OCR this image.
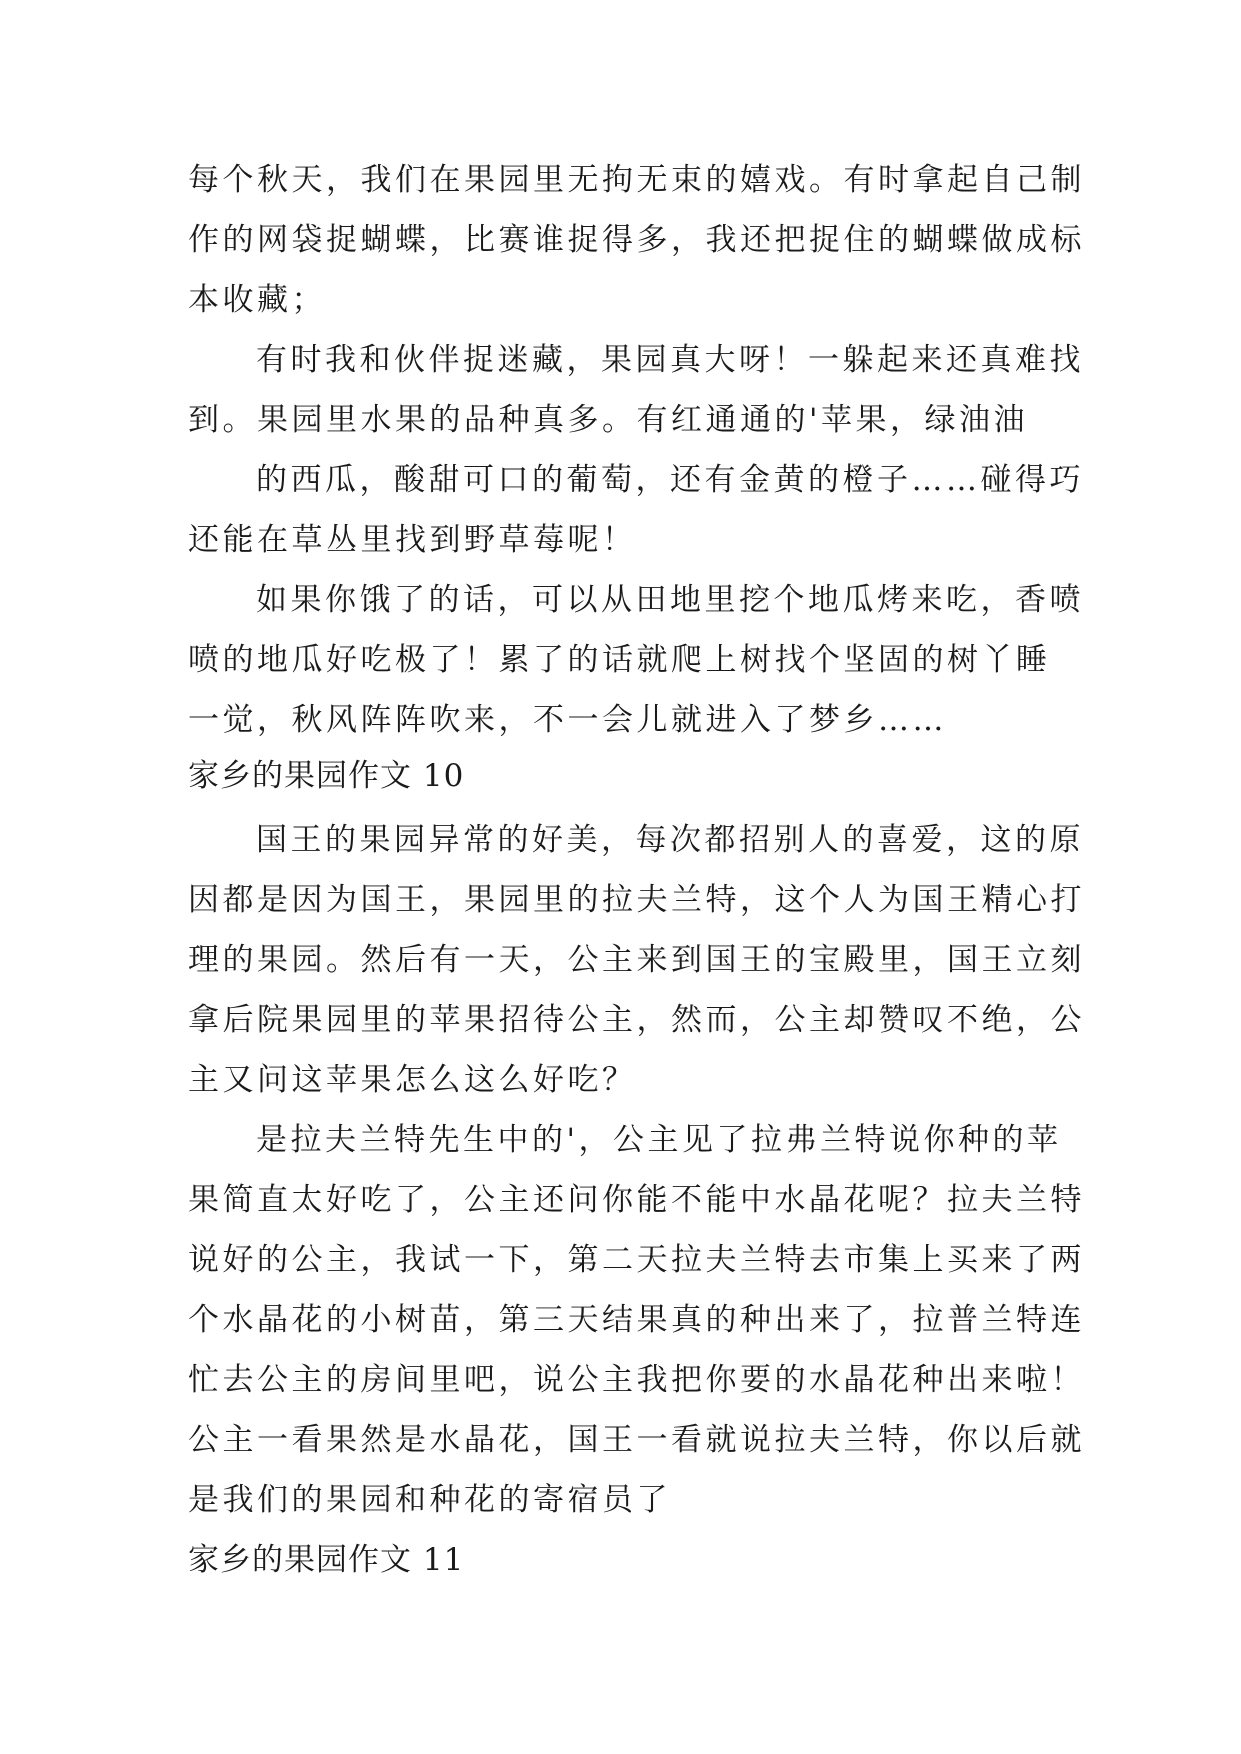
每个秋天，我们在果园里无拘无束的嬉戏。有时拿起自己制
作的网袋捉蝴蝶，比赛谁捉得多，我还把捉住的蝴蝶做成标
本收藏；
有时我和伙伴捉迷藏，果园真大呀！一躲起来还真难找
到。果园里水果的品种真多。有红通通的'苹果，绿油油
的西瓜，酸甜可口的葡萄，还有金黄的橙子……碰得巧
还能在草丛里找到野草莓呢！
如果你饿了的话，可以从田地里挖个地瓜烤来吃，香喷
喷的地瓜好吃极了！累了的话就爬上树找个坚固的树丫睡
一觉，秋风阵阵吹来，不一会儿就进入了梦乡……
家乡的果园作文 10
国王的果园异常的好美，每次都招别人的喜爱，这的原
因都是因为国王，果园里的拉夫兰特，这个人为国王精心打
理的果园。然后有一天，公主来到国王的宝殿里，国王立刻
拿后院果园里的苹果招待公主，然而，公主却赞叹不绝，公
主又问这苹果怎么这么好吃？
是拉夫兰特先生中的'，公主见了拉弗兰特说你种的苹
果简直太好吃了，公主还问你能不能中水晶花呢？拉夫兰特
说好的公主，我试一下，第二天拉夫兰特去市集上买来了两
个水晶花的小树苗，第三天结果真的种出来了，拉普兰特连
忙去公主的房间里吧，说公主我把你要的水晶花种出来啦！
公主一看果然是水晶花，国王一看就说拉夫兰特，你以后就
是我们的果园和种花的寄宿员了
家乡的果园作文 11
